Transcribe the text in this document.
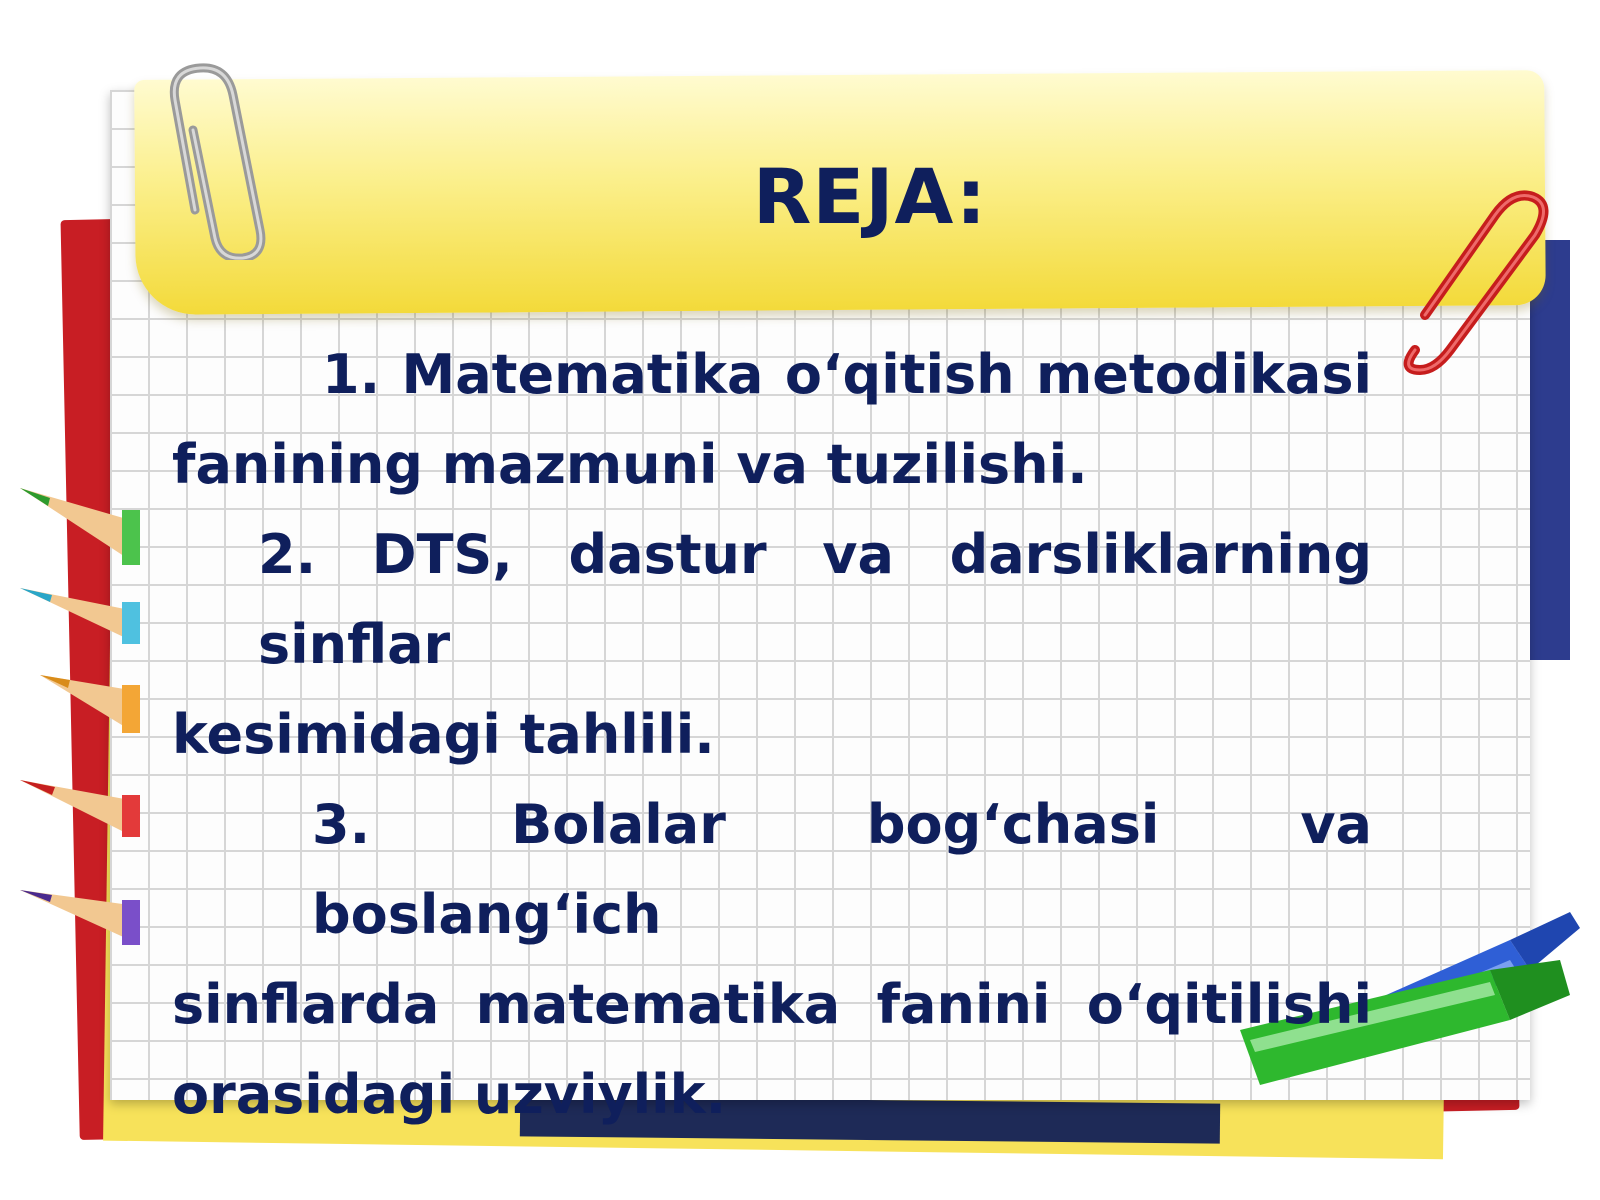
REJA:
1. Matematika o‘qitish metodikasi
fanining mazmuni va tuzilishi.
2. DTS, dastur va darsliklarning sinflar
kesimidagi tahlili.
3. Bolalar bog‘chasi va boslang‘ich
sinflarda matematika fanini o‘qitilishi
orasidagi uzviylik.
